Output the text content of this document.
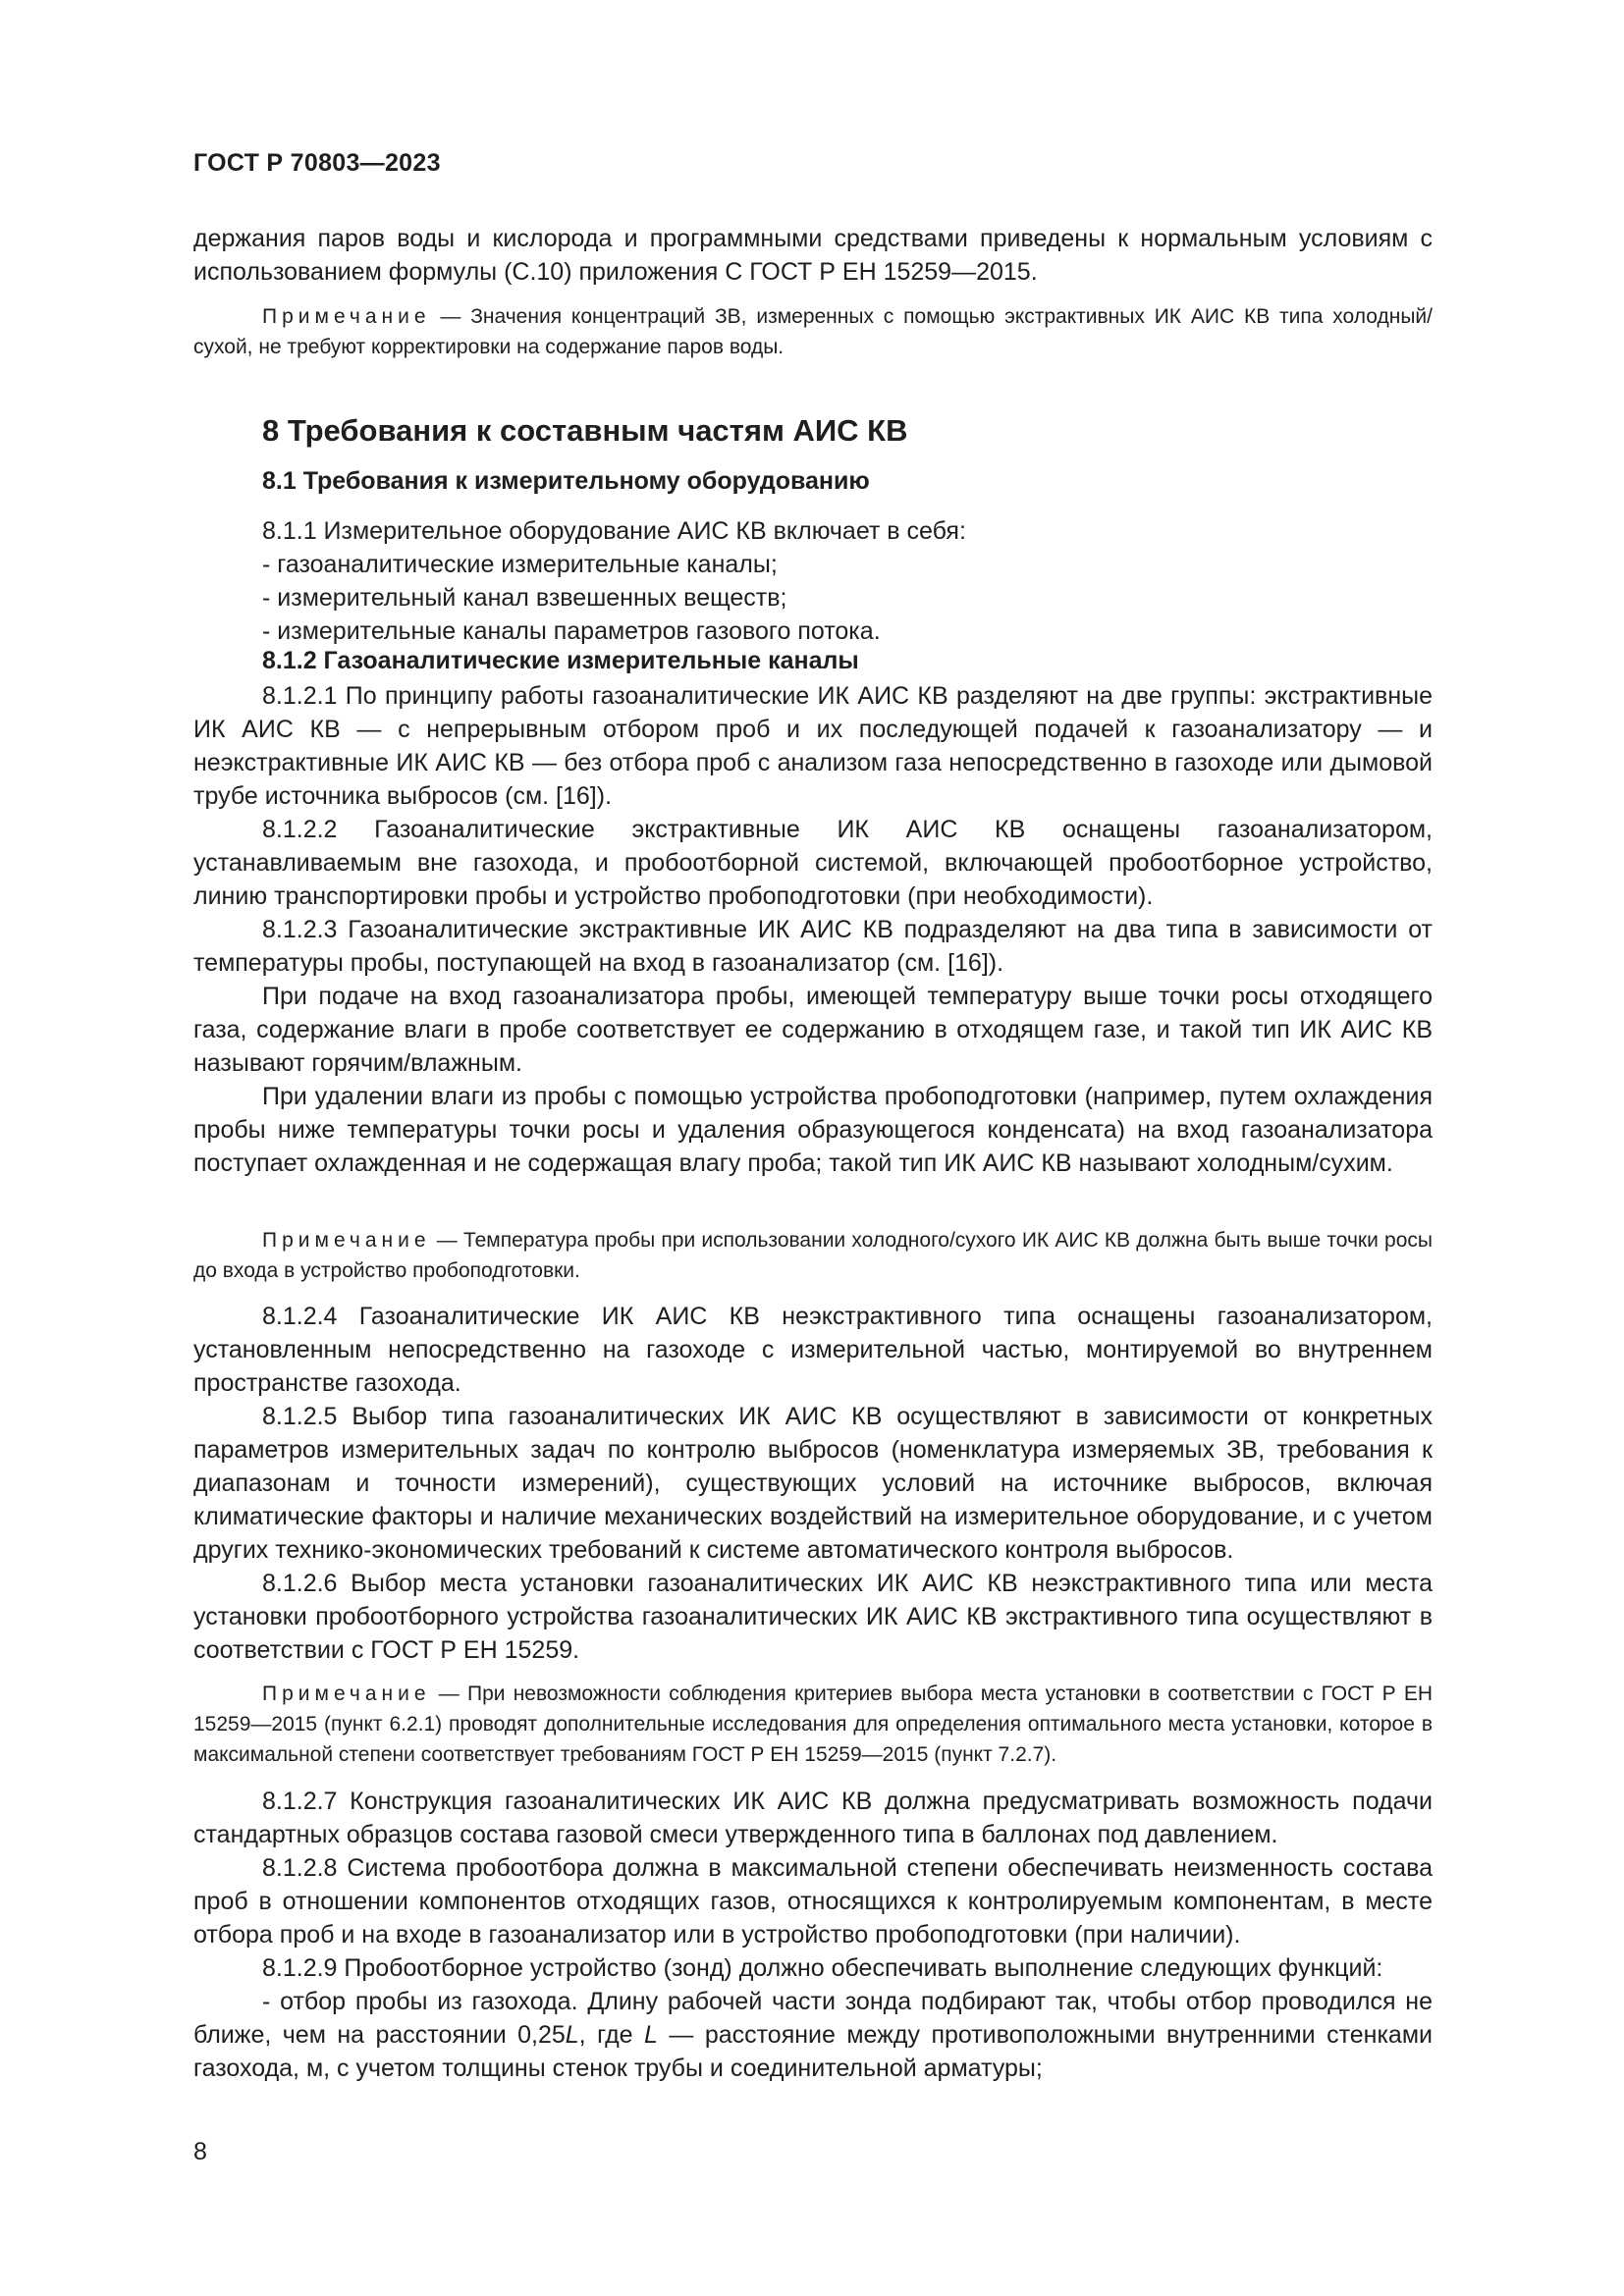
ГОСТ Р 70803—2023

держания паров воды и кислорода и программными средствами приведены к нормальным условиям с использованием формулы (С.10) приложения С ГОСТ Р ЕН 15259—2015.

Примечание — Значения концентраций ЗВ, измеренных с помощью экстрактивных ИК АИС КВ типа холодный/сухой, не требуют корректировки на содержание паров воды.

8 Требования к составным частям АИС КВ
8.1 Требования к измерительному оборудованию

8.1.1 Измерительное оборудование АИС КВ включает в себя:

- газоаналитические измерительные каналы;
- измерительный канал взвешенных веществ;
- измерительные каналы параметров газового потока.
8.1.2 Газоаналитические измерительные каналы

8.1.2.1 По принципу работы газоаналитические ИК АИС КВ разделяют на две группы: экстрактивные ИК АИС КВ — с непрерывным отбором проб и их последующей подачей к газоанализатору — и неэкстрактивные ИК АИС КВ — без отбора проб с анализом газа непосредственно в газоходе или дымовой трубе источника выбросов (см. [16]).

8.1.2.2 Газоаналитические экстрактивные ИК АИС КВ оснащены газоанализатором, устанавливаемым вне газохода, и пробоотборной системой, включающей пробоотборное устройство, линию транспортировки пробы и устройство пробоподготовки (при необходимости).

8.1.2.3 Газоаналитические экстрактивные ИК АИС КВ подразделяют на два типа в зависимости от температуры пробы, поступающей на вход в газоанализатор (см. [16]).

При подаче на вход газоанализатора пробы, имеющей температуру выше точки росы отходящего газа, содержание влаги в пробе соответствует ее содержанию в отходящем газе, и такой тип ИК АИС КВ называют горячим/влажным.

При удалении влаги из пробы с помощью устройства пробоподготовки (например, путем охлаждения пробы ниже температуры точки росы и удаления образующегося конденсата) на вход газоанализатора поступает охлажденная и не содержащая влагу проба; такой тип ИК АИС КВ называют холодным/сухим.

Примечание — Температура пробы при использовании холодного/сухого ИК АИС КВ должна быть выше точки росы до входа в устройство пробоподготовки.

8.1.2.4 Газоаналитические ИК АИС КВ неэкстрактивного типа оснащены газоанализатором, установленным непосредственно на газоходе с измерительной частью, монтируемой во внутреннем пространстве газохода.

8.1.2.5 Выбор типа газоаналитических ИК АИС КВ осуществляют в зависимости от конкретных параметров измерительных задач по контролю выбросов (номенклатура измеряемых ЗВ, требования к диапазонам и точности измерений), существующих условий на источнике выбросов, включая климатические факторы и наличие механических воздействий на измерительное оборудование, и с учетом других технико-экономических требований к системе автоматического контроля выбросов.

8.1.2.6 Выбор места установки газоаналитических ИК АИС КВ неэкстрактивного типа или места установки пробоотборного устройства газоаналитических ИК АИС КВ экстрактивного типа осуществляют в соответствии с ГОСТ Р ЕН 15259.

Примечание — При невозможности соблюдения критериев выбора места установки в соответствии с ГОСТ Р ЕН 15259—2015 (пункт 6.2.1) проводят дополнительные исследования для определения оптимального места установки, которое в максимальной степени соответствует требованиям ГОСТ Р ЕН 15259—2015 (пункт 7.2.7).

8.1.2.7 Конструкция газоаналитических ИК АИС КВ должна предусматривать возможность подачи стандартных образцов состава газовой смеси утвержденного типа в баллонах под давлением.

8.1.2.8 Система пробоотбора должна в максимальной степени обеспечивать неизменность состава проб в отношении компонентов отходящих газов, относящихся к контролируемым компонентам, в месте отбора проб и на входе в газоанализатор или в устройство пробоподготовки (при наличии).

8.1.2.9 Пробоотборное устройство (зонд) должно обеспечивать выполнение следующих функций:

- отбор пробы из газохода. Длину рабочей части зонда подбирают так, чтобы отбор проводился не ближе, чем на расстоянии 0,25L, где L — расстояние между противоположными внутренними стенками газохода, м, с учетом толщины стенок трубы и соединительной арматуры;

8
